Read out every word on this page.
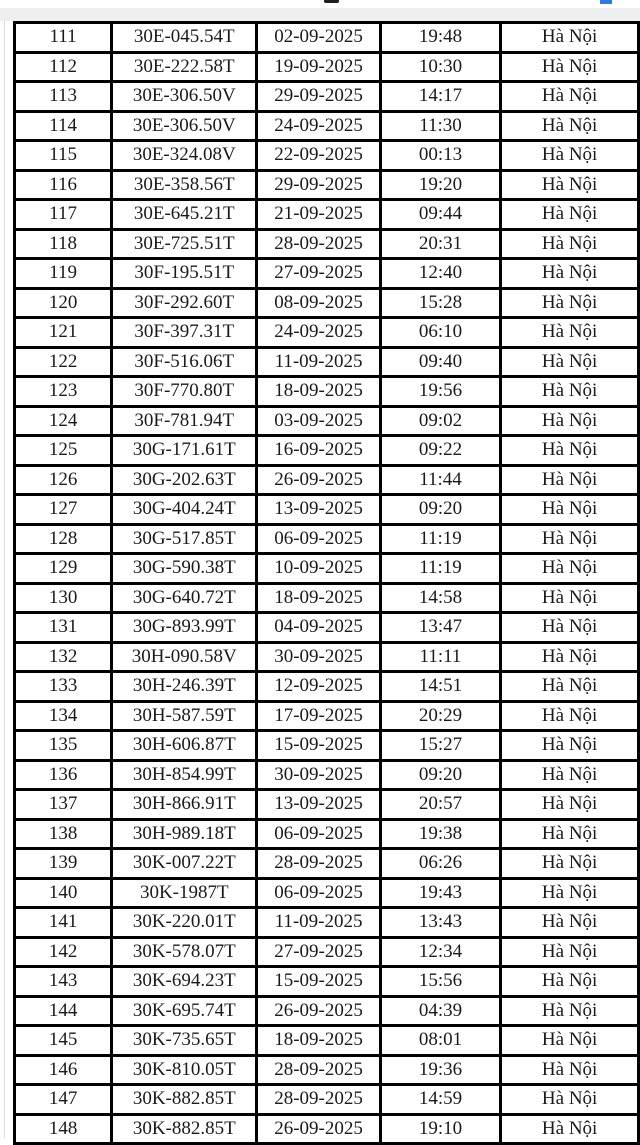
111	30E-045.54T	02-09-2025	19:48	Hà Nội
112	30E-222.58T	19-09-2025	10:30	Hà Nội
113	30E-306.50V	29-09-2025	14:17	Hà Nội
114	30E-306.50V	24-09-2025	11:30	Hà Nội
115	30E-324.08V	22-09-2025	00:13	Hà Nội
116	30E-358.56T	29-09-2025	19:20	Hà Nội
117	30E-645.21T	21-09-2025	09:44	Hà Nội
118	30E-725.51T	28-09-2025	20:31	Hà Nội
119	30F-195.51T	27-09-2025	12:40	Hà Nội
120	30F-292.60T	08-09-2025	15:28	Hà Nội
121	30F-397.31T	24-09-2025	06:10	Hà Nội
122	30F-516.06T	11-09-2025	09:40	Hà Nội
123	30F-770.80T	18-09-2025	19:56	Hà Nội
124	30F-781.94T	03-09-2025	09:02	Hà Nội
125	30G-171.61T	16-09-2025	09:22	Hà Nội
126	30G-202.63T	26-09-2025	11:44	Hà Nội
127	30G-404.24T	13-09-2025	09:20	Hà Nội
128	30G-517.85T	06-09-2025	11:19	Hà Nội
129	30G-590.38T	10-09-2025	11:19	Hà Nội
130	30G-640.72T	18-09-2025	14:58	Hà Nội
131	30G-893.99T	04-09-2025	13:47	Hà Nội
132	30H-090.58V	30-09-2025	11:11	Hà Nội
133	30H-246.39T	12-09-2025	14:51	Hà Nội
134	30H-587.59T	17-09-2025	20:29	Hà Nội
135	30H-606.87T	15-09-2025	15:27	Hà Nội
136	30H-854.99T	30-09-2025	09:20	Hà Nội
137	30H-866.91T	13-09-2025	20:57	Hà Nội
138	30H-989.18T	06-09-2025	19:38	Hà Nội
139	30K-007.22T	28-09-2025	06:26	Hà Nội
140	30K-1987T	06-09-2025	19:43	Hà Nội
141	30K-220.01T	11-09-2025	13:43	Hà Nội
142	30K-578.07T	27-09-2025	12:34	Hà Nội
143	30K-694.23T	15-09-2025	15:56	Hà Nội
144	30K-695.74T	26-09-2025	04:39	Hà Nội
145	30K-735.65T	18-09-2025	08:01	Hà Nội
146	30K-810.05T	28-09-2025	19:36	Hà Nội
147	30K-882.85T	28-09-2025	14:59	Hà Nội
148	30K-882.85T	26-09-2025	19:10	Hà Nội
